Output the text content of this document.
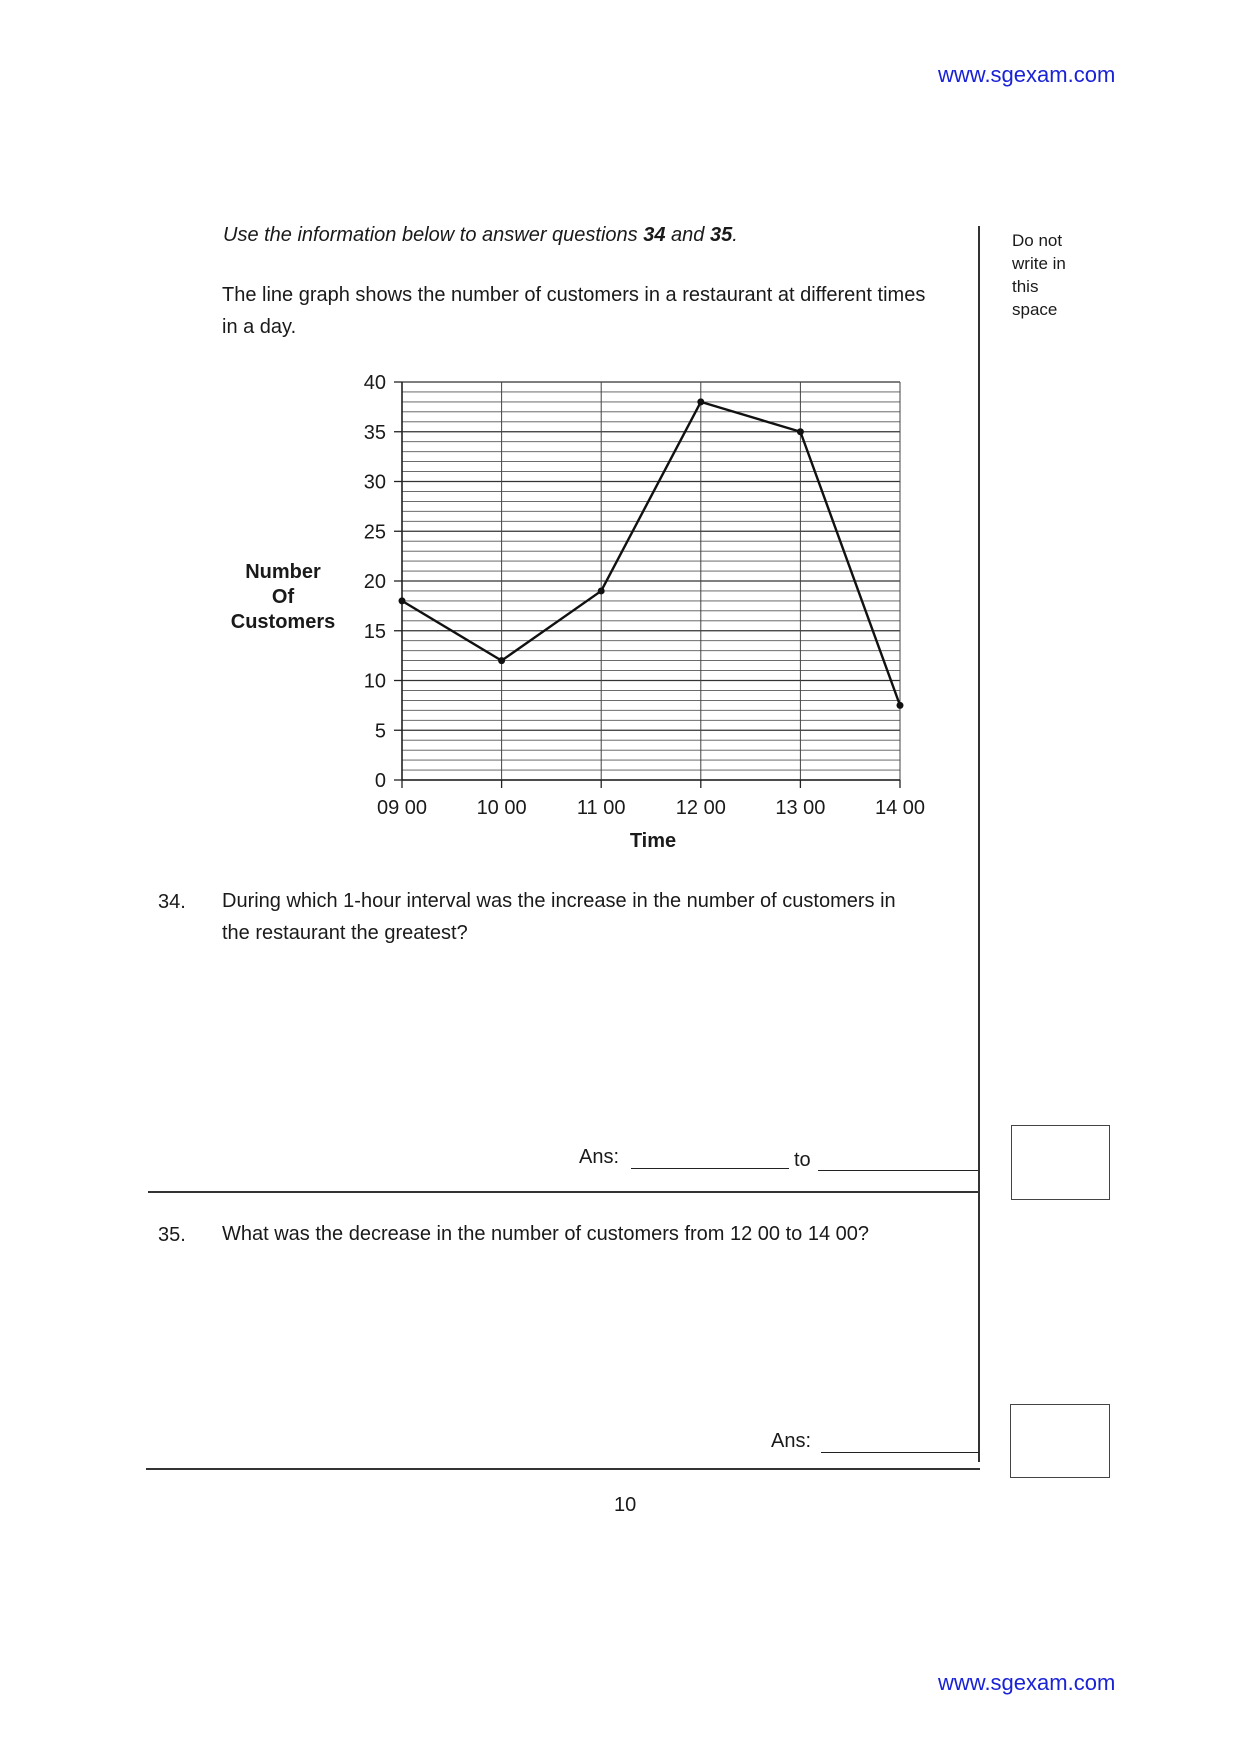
www.sgexam.com
Use the information below to answer questions 34 and 35.
The line graph shows the number of customers in a restaurant at different times
in a day.
Do not
write in
this
space
0
5
10
15
20
25
30
35
40
09 00 10 00	11 00	12 00 13 00 14 00
Time
Number
Of
Customers
34. During which 1-hour interval was the increase in the number of customers in
the restaurant the greatest?
Ans:	to
35. What was the decrease in the number of customers from 12 00 to 14 00?
Ans:
10
www.sgexam.com
